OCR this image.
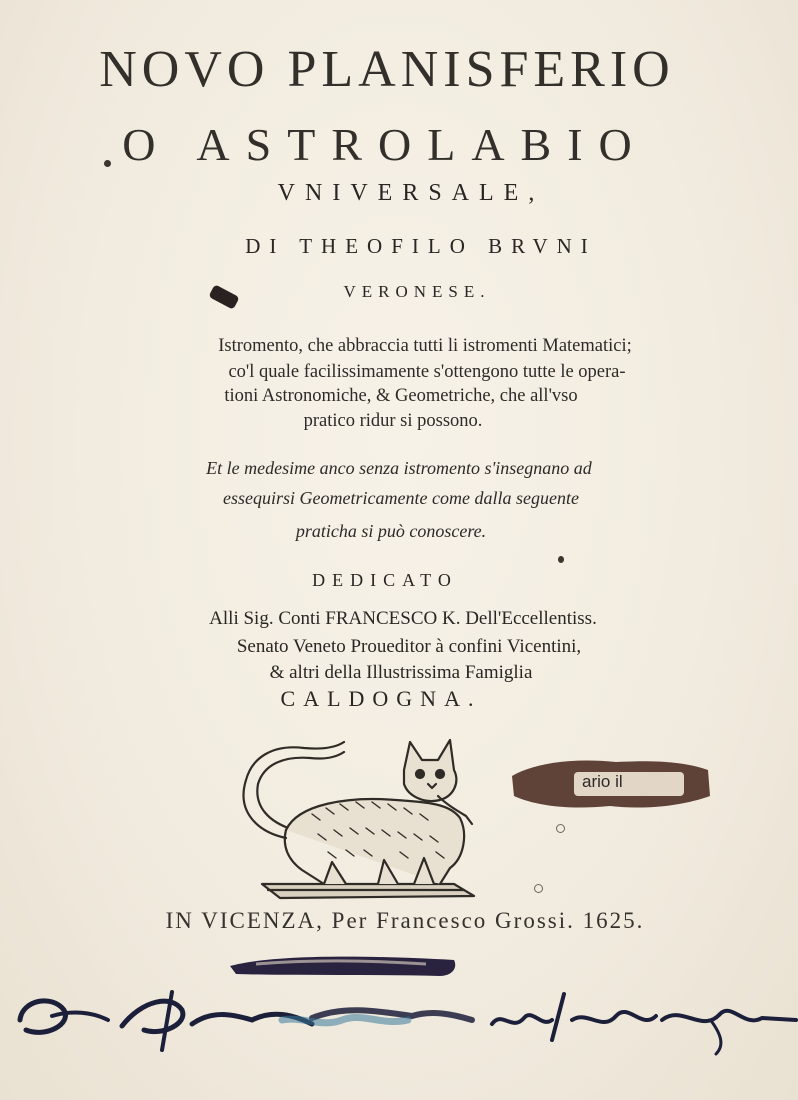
NOVO PLANISFERIO
O ASTROLABIO
VNIVERSALE,
DI THEOFILO BRVNI
VERONESE.
Istromento, che abbraccia tutti li istromenti Matematici;
co'l quale facilissimamente s'ottengono tutte le opera-
tioni Astronomiche, & Geometriche, che all'vso
pratico ridur si possono.
Et le medesime anco senza istromento s'insegnano ad
essequirsi Geometricamente come dalla seguente
praticha si può conoscere.
DEDICATO
Alli Sig. Conti FRANCESCO K. Dell'Eccellentiss.
Senato Veneto Proueditor à confini Vicentini,
& altri della Illustrissima Famiglia
CALDOGNA.
ario il
IN VICENZA, Per Francesco Grossi. 1625.
